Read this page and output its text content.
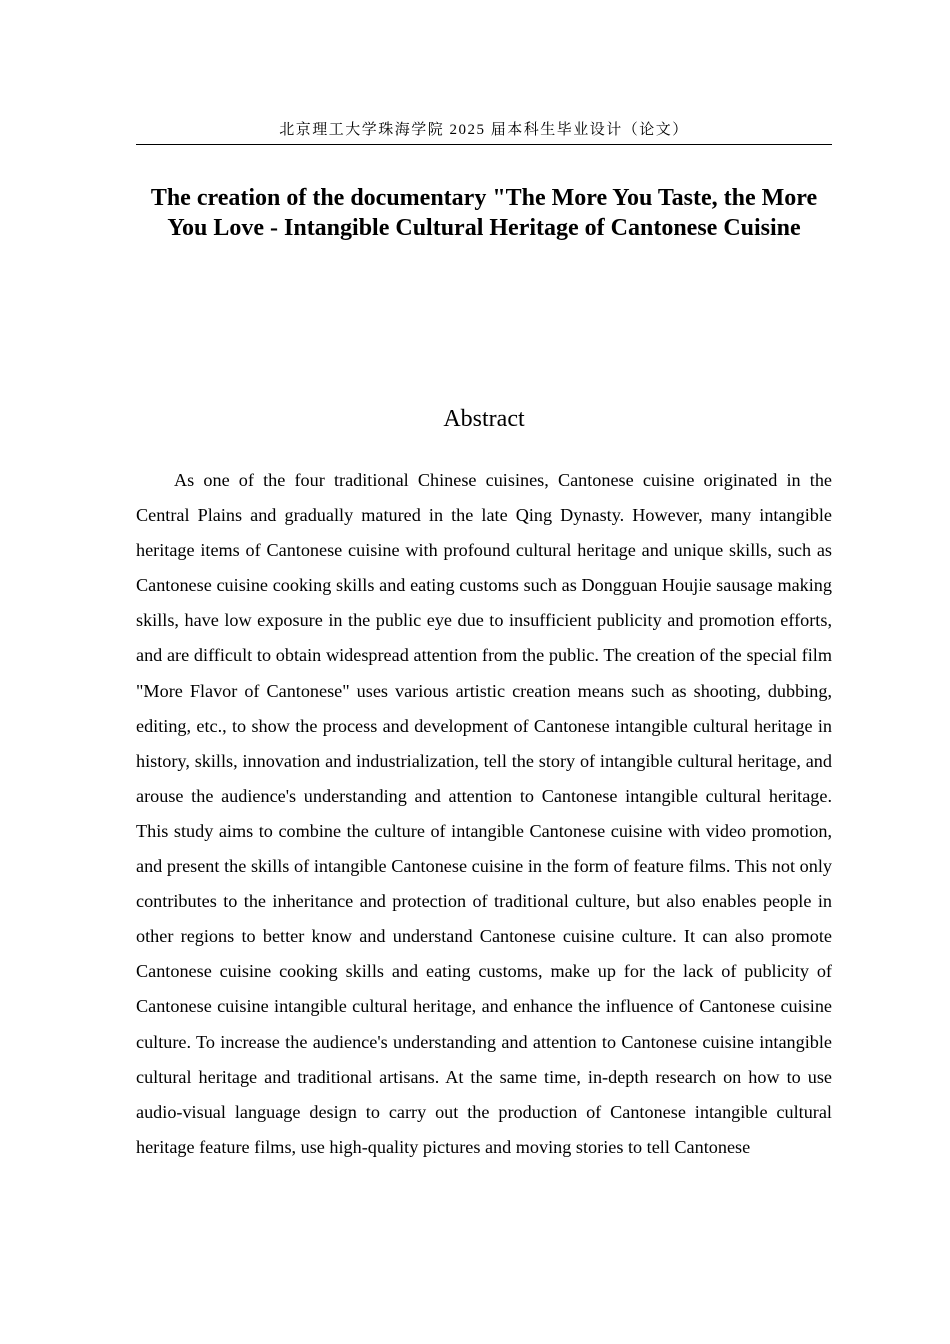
北京理工大学珠海学院 2025 届本科生毕业设计（论文）
The creation of the documentary "The More You Taste, the More You Love - Intangible Cultural Heritage of Cantonese Cuisine
Abstract

As one of the four traditional Chinese cuisines, Cantonese cuisine originated in the Central Plains and gradually matured in the late Qing Dynasty. However, many intangible heritage items of Cantonese cuisine with profound cultural heritage and unique skills, such as Cantonese cuisine cooking skills and eating customs such as Dongguan Houjie sausage making skills, have low exposure in the public eye due to insufficient publicity and promotion efforts, and are difficult to obtain widespread attention from the public. The creation of the special film "More Flavor of Cantonese" uses various artistic creation means such as shooting, dubbing, editing, etc., to show the process and development of Cantonese intangible cultural heritage in history, skills, innovation and industrialization, tell the story of intangible cultural heritage, and arouse the audience's understanding and attention to Cantonese intangible cultural heritage. This study aims to combine the culture of intangible Cantonese cuisine with video promotion, and present the skills of intangible Cantonese cuisine in the form of feature films. This not only contributes to the inheritance and protection of traditional culture, but also enables people in other regions to better know and understand Cantonese cuisine culture. It can also promote Cantonese cuisine cooking skills and eating customs, make up for the lack of publicity of Cantonese cuisine intangible cultural heritage, and enhance the influence of Cantonese cuisine culture. To increase the audience's understanding and attention to Cantonese cuisine intangible cultural heritage and traditional artisans. At the same time, in-depth research on how to use audio-visual language design to carry out the production of Cantonese intangible cultural heritage feature films, use high-quality pictures and moving stories to tell Cantonese
